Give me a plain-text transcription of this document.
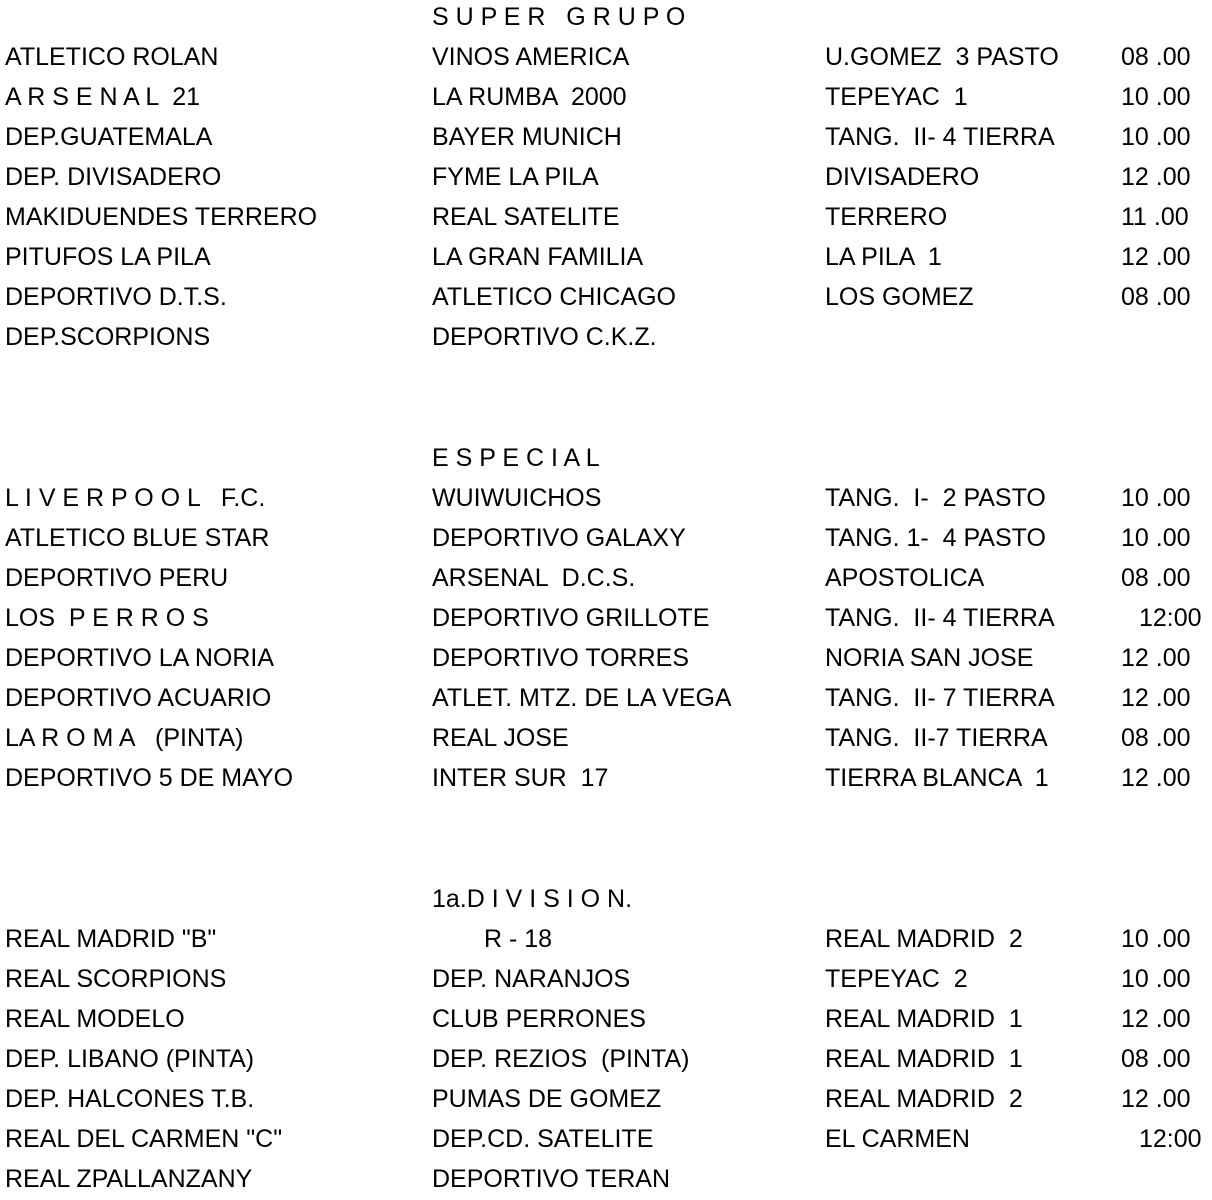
S U P E R   G R U P O
ATLETICO ROLAN	VINOS AMERICA	U.GOMEZ  3 PASTO 08 .00
A R S E N A L  21	LA RUMBA  2000	TEPEYAC  1	10 .00
DEP.GUATEMALA	BAYER MUNICH	TANG.  II- 4 TIERRA	10 .00
DEP. DIVISADERO	FYME LA PILA	DIVISADERO	12 .00
MAKIDUENDES TERRERO	REAL SATELITE	TERRERO	11 .00
PITUFOS LA PILA	LA GRAN FAMILIA	LA PILA  1	12 .00
DEPORTIVO D.T.S.	ATLETICO CHICAGO	LOS GOMEZ	08 .00
DEP.SCORPIONS	DEPORTIVO C.K.Z.
E S P E C I A L
L I V E R P O O L   F.C.	WUIWUICHOS	TANG.  I-  2 PASTO	10 .00
ATLETICO BLUE STAR	DEPORTIVO GALAXY	TANG. 1-  4 PASTO	10 .00
DEPORTIVO PERU	ARSENAL  D.C.S.	APOSTOLICA	08 .00
LOS  P E R R O S	DEPORTIVO GRILLOTE	TANG.  II- 4 TIERRA	12:00
DEPORTIVO LA NORIA	DEPORTIVO TORRES	NORIA SAN JOSE	12 .00
DEPORTIVO ACUARIO	ATLET. MTZ. DE LA VEGA	TANG.  II- 7 TIERRA	12 .00
LA R O M A   (PINTA)	REAL JOSE	TANG.  II-7 TIERRA	08 .00
DEPORTIVO 5 DE MAYO	INTER SUR  17	TIERRA BLANCA  1	12 .00
1a.D I V I S I O N.
REAL MADRID "B"	R - 18	REAL MADRID  2	10 .00
REAL SCORPIONS	DEP. NARANJOS	TEPEYAC  2	10 .00
REAL MODELO	CLUB PERRONES	REAL MADRID  1	12 .00
DEP. LIBANO (PINTA)	DEP. REZIOS  (PINTA)	REAL MADRID  1	08 .00
DEP. HALCONES T.B.	PUMAS DE GOMEZ	REAL MADRID  2	12 .00
REAL DEL CARMEN "C"	DEP.CD. SATELITE	EL CARMEN	12:00
REAL ZPALLANZANY	DEPORTIVO TERAN
